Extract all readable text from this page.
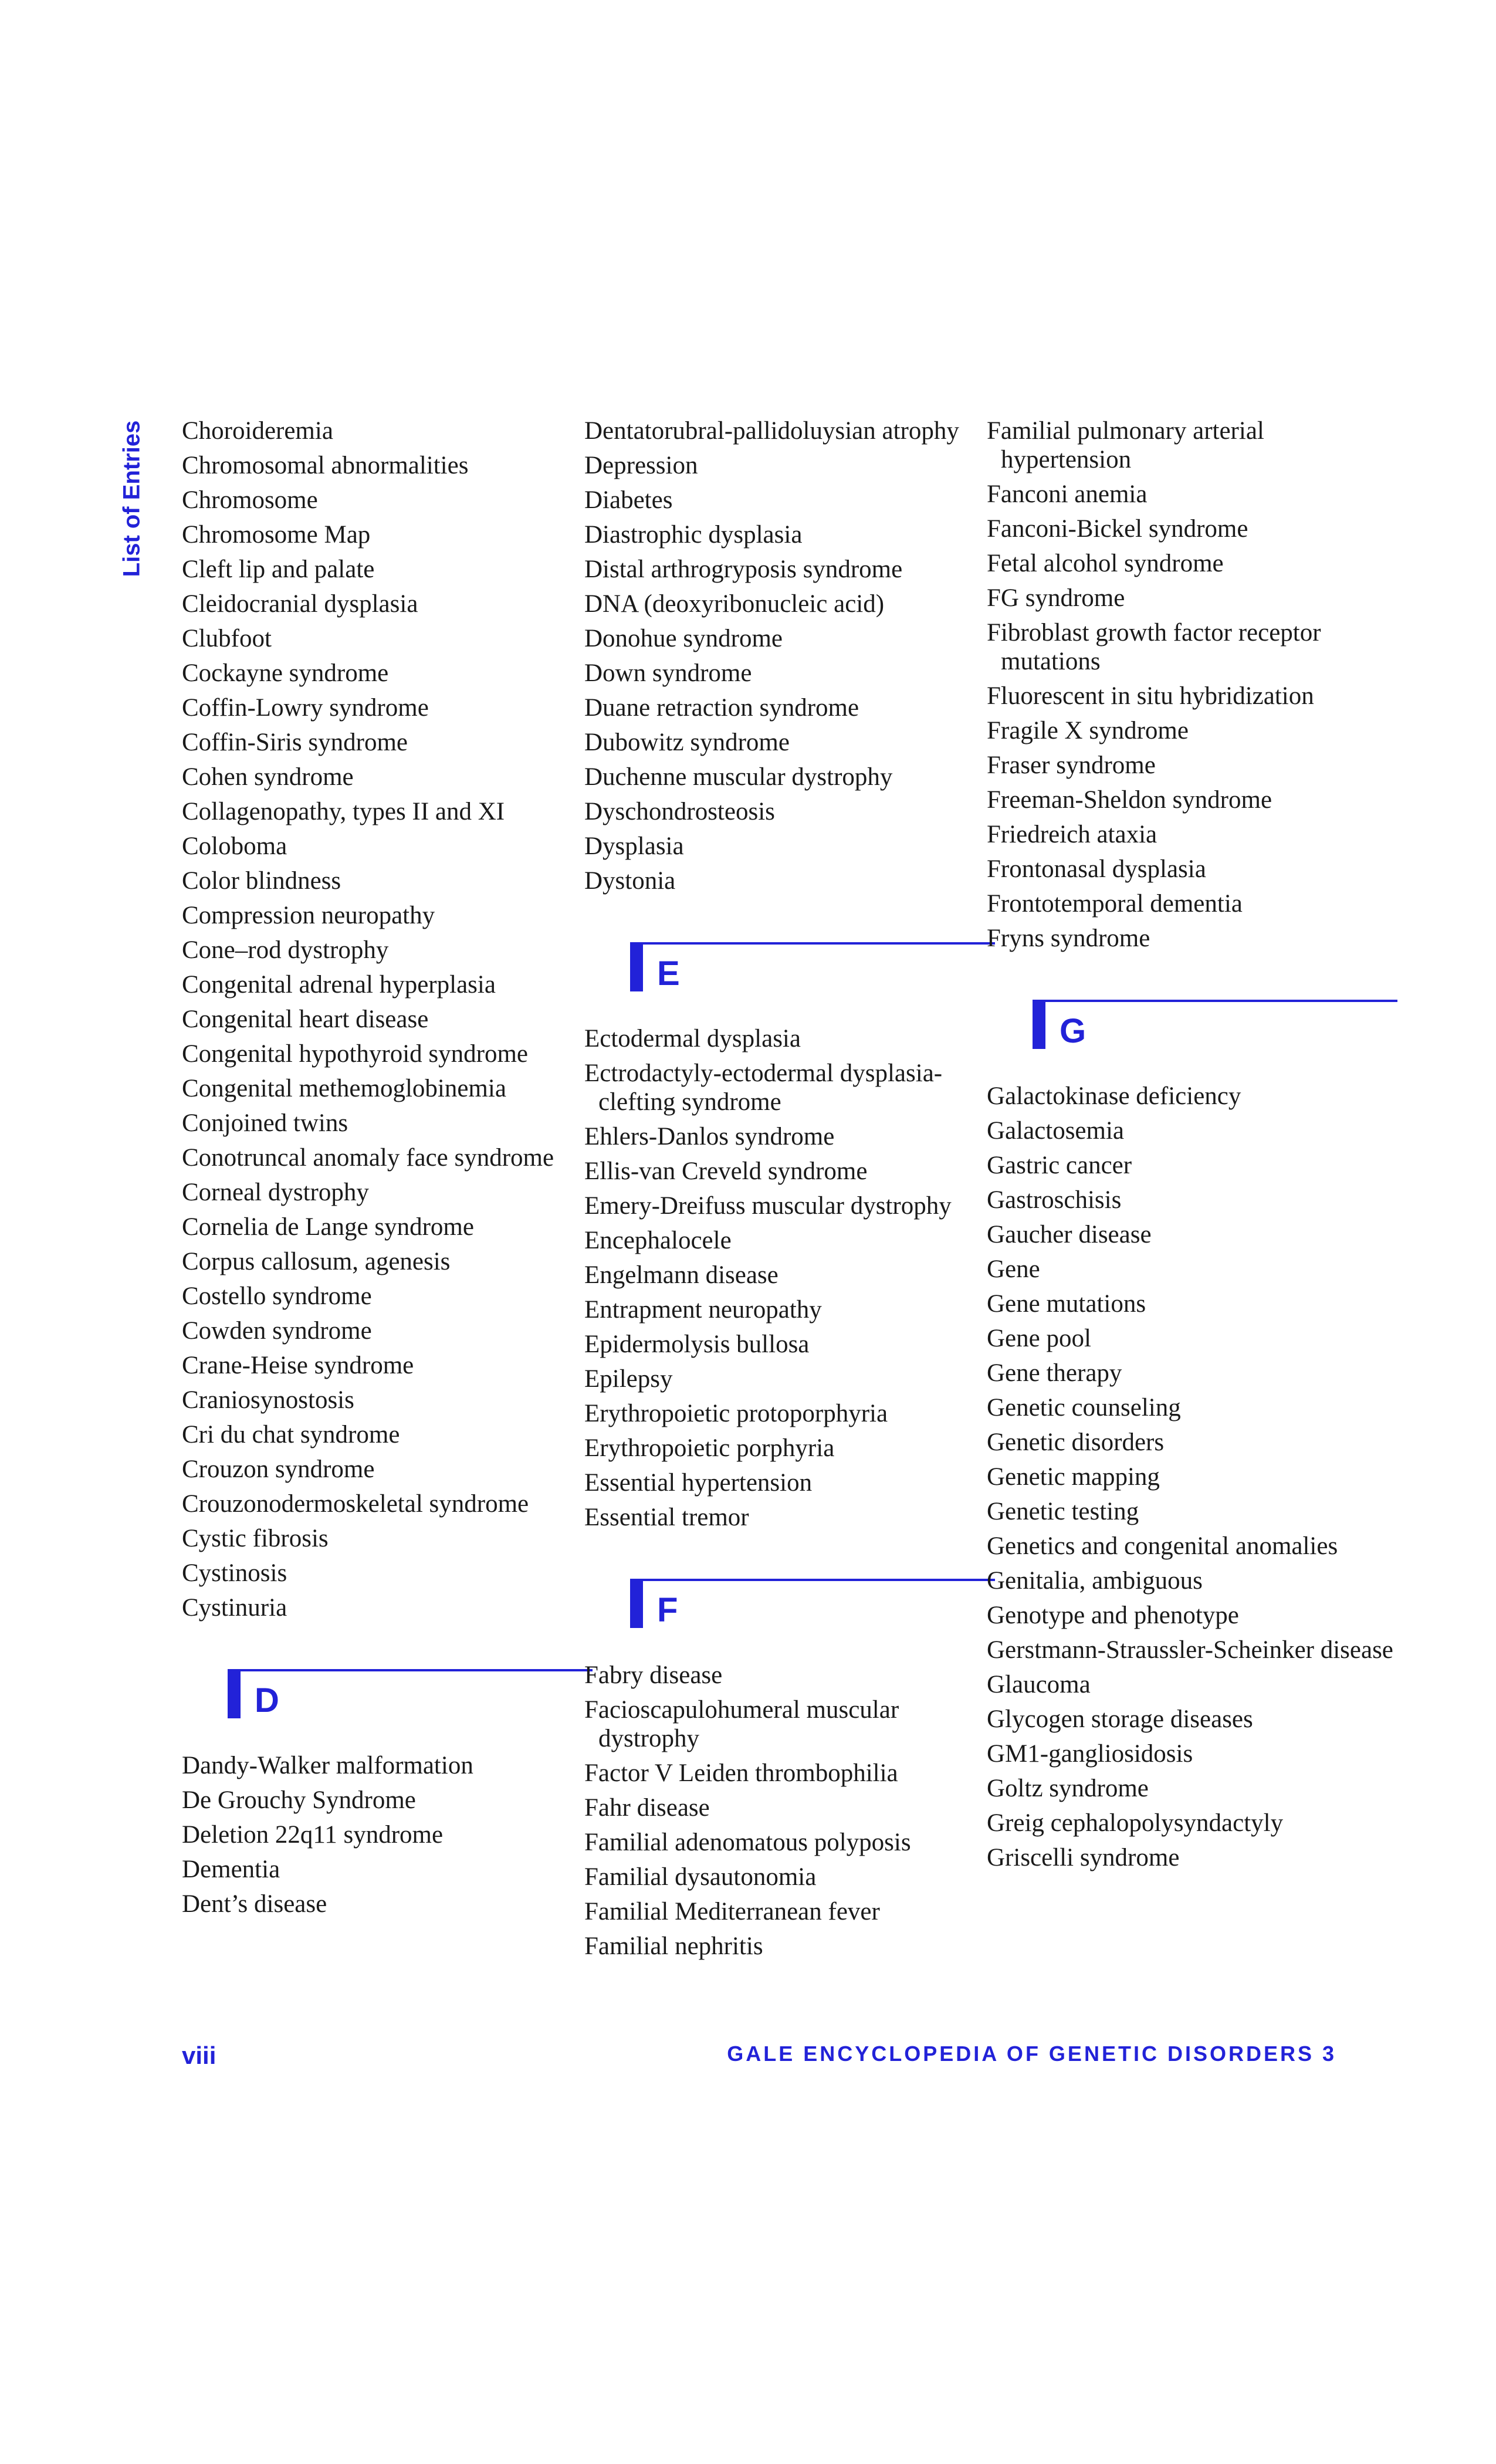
List of Entries Choroideremia
Chromosomal abnormalities
Chromosome
Chromosome Map
Cleft lip and palate
Cleidocranial dysplasia
Clubfoot
Cockayne syndrome
Coffin-Lowry syndrome
Coffin-Siris syndrome
Cohen syndrome
Collagenopathy, types II and XI
Coloboma
Color blindness
Compression neuropathy
Cone–rod dystrophy
Congenital adrenal hyperplasia
Congenital heart disease
Congenital hypothyroid syndrome
Congenital methemoglobinemia
Conjoined twins
Conotruncal anomaly face syndrome
Corneal dystrophy
Cornelia de Lange syndrome
Corpus callosum, agenesis
Costello syndrome
Cowden syndrome
Crane-Heise syndrome
Craniosynostosis
Cri du chat syndrome
Crouzon syndrome
Crouzonodermoskeletal syndrome
Cystic fibrosis
Cystinosis
Cystinuria
D
Dandy-Walker malformation
De Grouchy Syndrome
Deletion 22q11 syndrome
Dementia
Dent’s disease
Dentatorubral-pallidoluysian atrophy
Depression
Diabetes
Diastrophic dysplasia
Distal arthrogryposis syndrome
DNA (deoxyribonucleic acid)
Donohue syndrome
Down syndrome
Duane retraction syndrome
Dubowitz syndrome
Duchenne muscular dystrophy
Dyschondrosteosis
Dysplasia
Dystonia
E
Ectodermal dysplasia
Ectrodactyly-ectodermal dysplasia-clefting syndrome
Ehlers-Danlos syndrome
Ellis-van Creveld syndrome
Emery-Dreifuss muscular dystrophy
Encephalocele
Engelmann disease
Entrapment neuropathy
Epidermolysis bullosa
Epilepsy
Erythropoietic protoporphyria
Erythropoietic porphyria
Essential hypertension
Essential tremor
F
Fabry disease
Facioscapulohumeral muscular dystrophy
Factor V Leiden thrombophilia
Fahr disease
Familial adenomatous polyposis
Familial dysautonomia
Familial Mediterranean fever
Familial nephritis
Familial pulmonary arterial hypertension
Fanconi anemia
Fanconi-Bickel syndrome
Fetal alcohol syndrome
FG syndrome
Fibroblast growth factor receptor mutations
Fluorescent in situ hybridization
Fragile X syndrome
Fraser syndrome
Freeman-Sheldon syndrome
Friedreich ataxia
Frontonasal dysplasia
Frontotemporal dementia
Fryns syndrome
G
Galactokinase deficiency
Galactosemia
Gastric cancer
Gastroschisis
Gaucher disease
Gene
Gene mutations
Gene pool
Gene therapy
Genetic counseling
Genetic disorders
Genetic mapping
Genetic testing
Genetics and congenital anomalies
Genitalia, ambiguous
Genotype and phenotype
Gerstmann-Straussler-Scheinker disease
Glaucoma
Glycogen storage diseases
GM1-gangliosidosis
Goltz syndrome
Greig cephalopolysyndactyly
Griscelli syndrome
viii	GALE ENCYCLOPEDIA OF GENETIC DISORDERS 3
